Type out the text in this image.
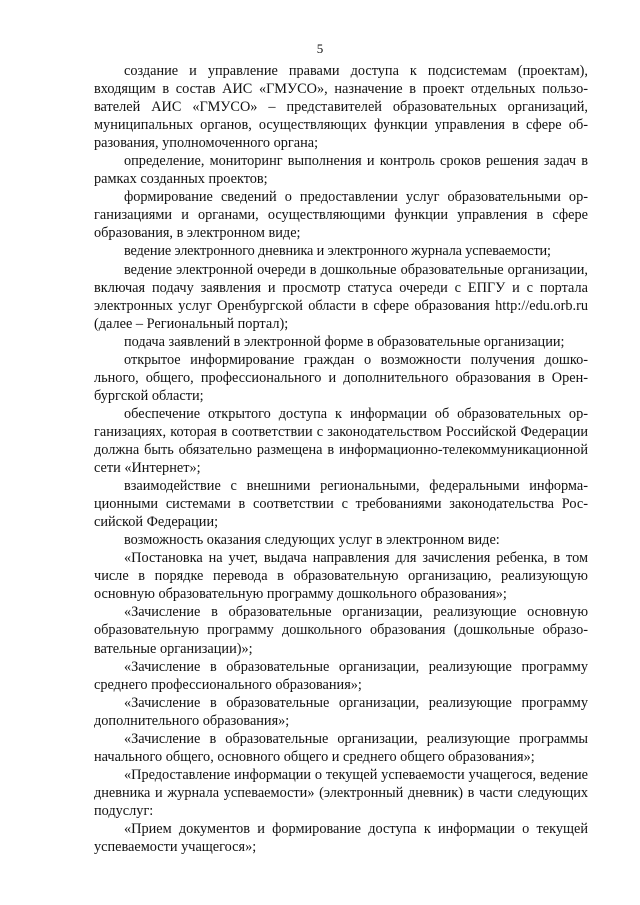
5

создание и управление правами доступа к подсистемам (проектам), входящим в состав АИС «ГМУСО», назначение в проект отдельных пользователей АИС «ГМУСО» – представителей образовательных организаций, муниципальных органов, осуществляющих функции управления в сфере образования, уполномоченного органа;

определение, мониторинг выполнения и контроль сроков решения задач в рамках созданных проектов;

формирование сведений о предоставлении услуг образовательными организациями и органами, осуществляющими функции управления в сфере образования, в электронном виде;

ведение электронного дневника и электронного журнала успеваемости;

ведение электронной очереди в дошкольные образовательные организации, включая подачу заявления и просмотр статуса очереди с ЕПГУ и с портала электронных услуг Оренбургской области в сфере образования http://edu.orb.ru (далее – Региональный портал);

подача заявлений в электронной форме в образовательные организации;

открытое информирование граждан о возможности получения дошкольного, общего, профессионального и дополнительного образования в Оренбургской области;

обеспечение открытого доступа к информации об образовательных организациях, которая в соответствии с законодательством Российской Федерации должна быть обязательно размещена в информационно-телекоммуникационной сети «Интернет»;

взаимодействие с внешними региональными, федеральными информационными системами в соответствии с требованиями законодательства Российской Федерации;

возможность оказания следующих услуг в электронном виде:

«Постановка на учет, выдача направления для зачисления ребенка, в том числе в порядке перевода в образовательную организацию, реализующую основную образовательную программу дошкольного образования»;

«Зачисление в образовательные организации, реализующие основную образовательную программу дошкольного образования (дошкольные образовательные организации)»;

«Зачисление в образовательные организации, реализующие программу среднего профессионального образования»;

«Зачисление в образовательные организации, реализующие программу дополнительного образования»;

«Зачисление в образовательные организации, реализующие программы начального общего, основного общего и среднего общего образования»;

«Предоставление информации о текущей успеваемости учащегося, ведение дневника и журнала успеваемости» (электронный дневник) в части следующих подуслуг:

«Прием документов и формирование доступа к информации о текущей успеваемости учащегося»;
